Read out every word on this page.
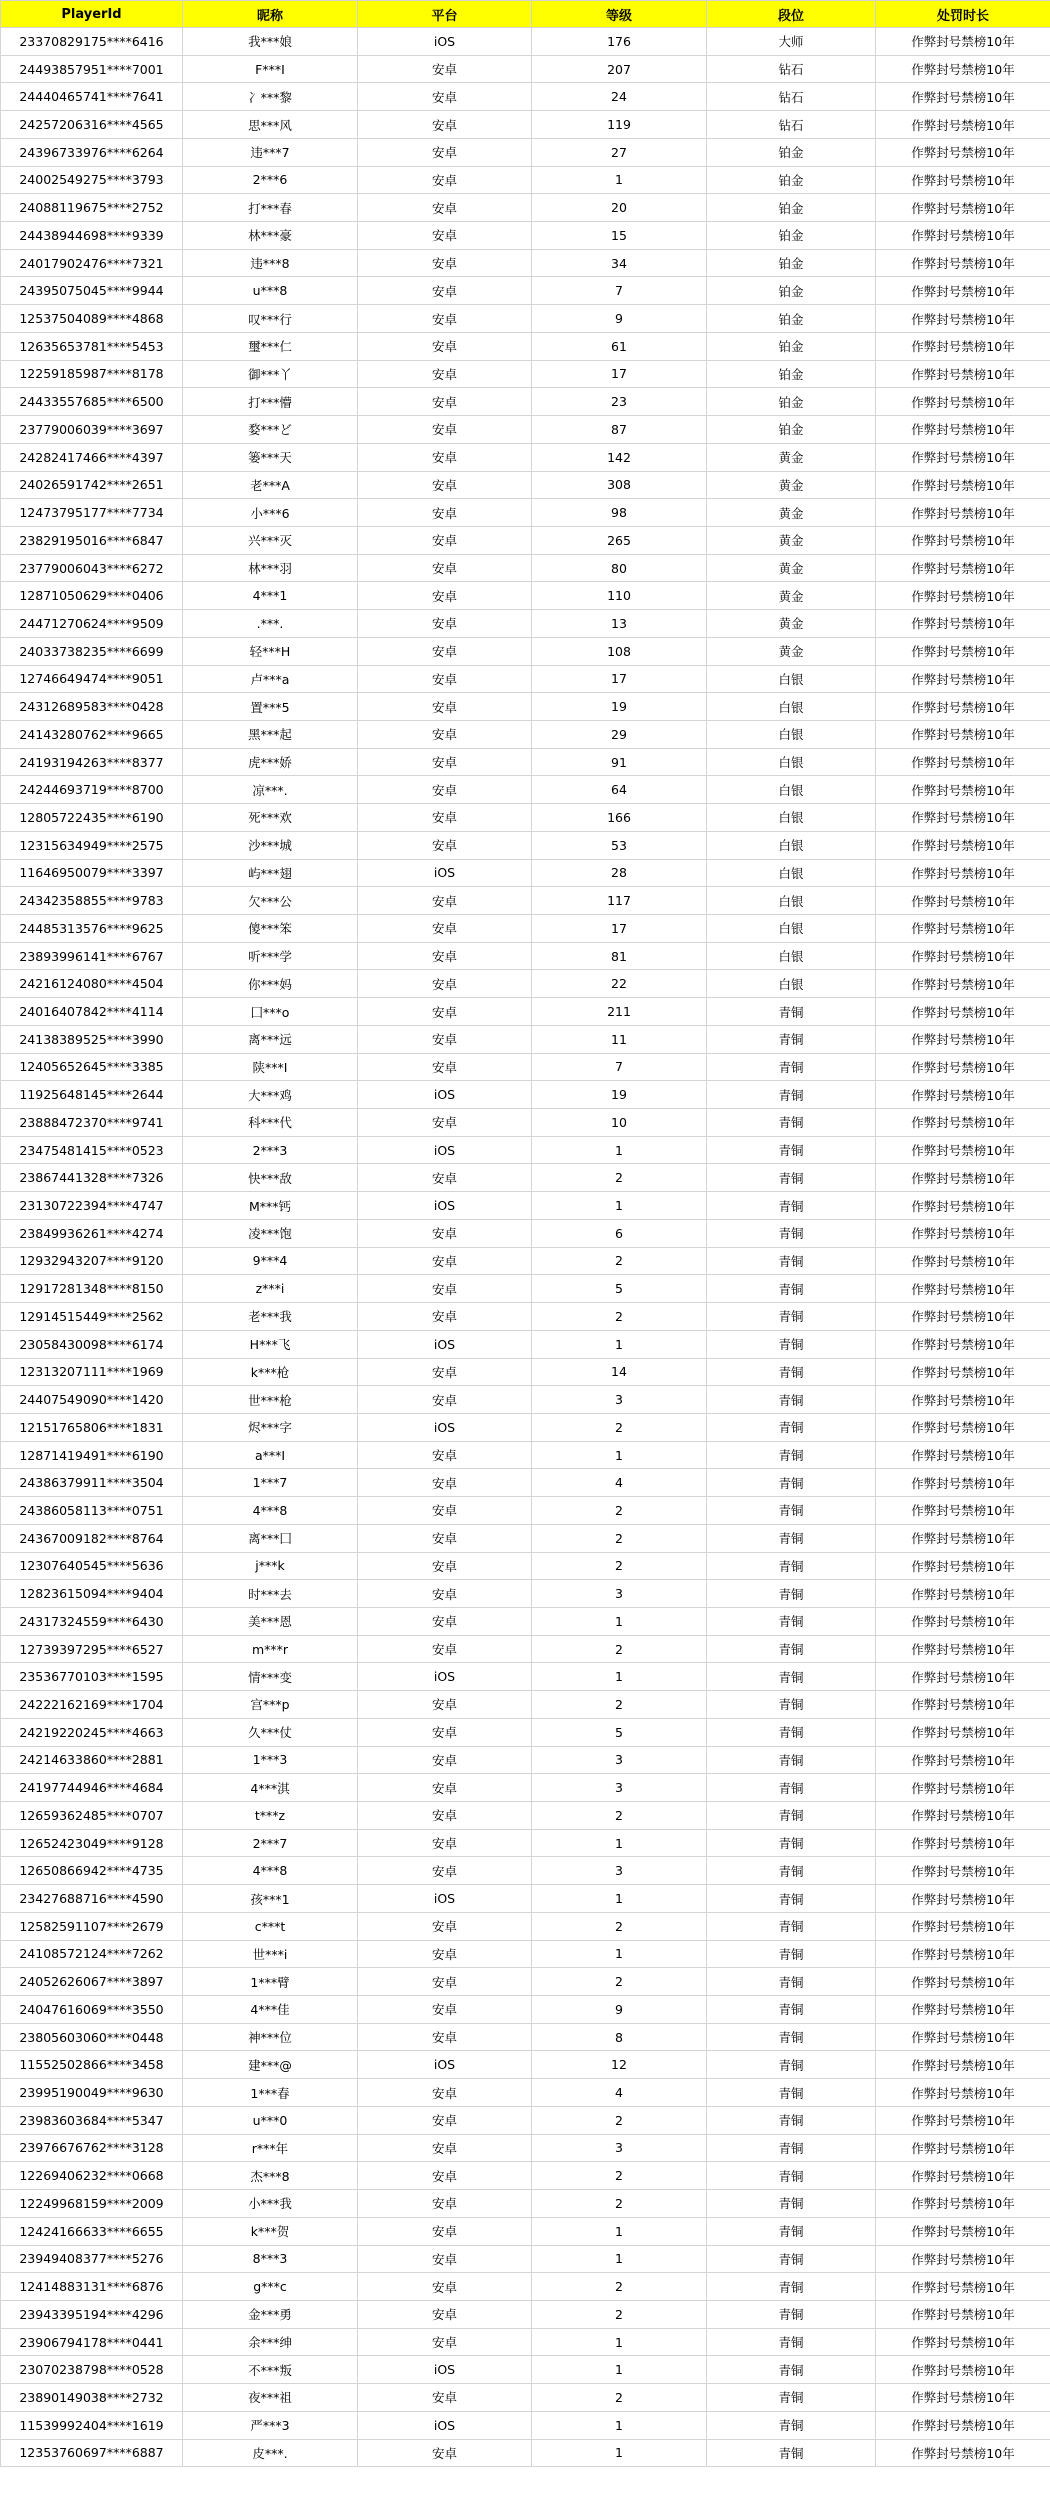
PlayerId	昵称	平台	等级	段位	处罚时长
23370829175****6416	我***娘	iOS	176	大师	作弊封号禁榜10年
24493857951****7001	F***I	安卓	207	钻石	作弊封号禁榜10年
24440465741****7641	冫***黎	安卓	24	钻石	作弊封号禁榜10年
24257206316****4565	思***风	安卓	119	钻石	作弊封号禁榜10年
24396733976****6264	违***7	安卓	27	铂金	作弊封号禁榜10年
24002549275****3793	2***6	安卓	1	铂金	作弊封号禁榜10年
24088119675****2752	打***春	安卓	20	铂金	作弊封号禁榜10年
24438944698****9339	林***豪	安卓	15	铂金	作弊封号禁榜10年
24017902476****7321	违***8	安卓	34	铂金	作弊封号禁榜10年
24395075045****9944	u***8	安卓	7	铂金	作弊封号禁榜10年
12537504089****4868	叹***行	安卓	9	铂金	作弊封号禁榜10年
12635653781****5453	璽***仁	安卓	61	铂金	作弊封号禁榜10年
12259185987****8178	御***丫	安卓	17	铂金	作弊封号禁榜10年
24433557685****6500	打***懵	安卓	23	铂金	作弊封号禁榜10年
23779006039****3697	婺***ど	安卓	87	铂金	作弊封号禁榜10年
24282417466****4397	篓***天	安卓	142	黄金	作弊封号禁榜10年
24026591742****2651	老***A	安卓	308	黄金	作弊封号禁榜10年
12473795177****7734	小***6	安卓	98	黄金	作弊封号禁榜10年
23829195016****6847	兴***灭	安卓	265	黄金	作弊封号禁榜10年
23779006043****6272	林***羽	安卓	80	黄金	作弊封号禁榜10年
12871050629****0406	4***1	安卓	110	黄金	作弊封号禁榜10年
24471270624****9509	.***.	安卓	13	黄金	作弊封号禁榜10年
24033738235****6699	轻***H	安卓	108	黄金	作弊封号禁榜10年
12746649474****9051	卢***a	安卓	17	白银	作弊封号禁榜10年
24312689583****0428	置***5	安卓	19	白银	作弊封号禁榜10年
24143280762****9665	黑***起	安卓	29	白银	作弊封号禁榜10年
24193194263****8377	虎***娇	安卓	91	白银	作弊封号禁榜10年
24244693719****8700	凉***.	安卓	64	白银	作弊封号禁榜10年
12805722435****6190	死***欢	安卓	166	白银	作弊封号禁榜10年
12315634949****2575	沙***城	安卓	53	白银	作弊封号禁榜10年
11646950079****3397	屿***翅	iOS	28	白银	作弊封号禁榜10年
24342358855****9783	欠***公	安卓	117	白银	作弊封号禁榜10年
24485313576****9625	傻***笨	安卓	17	白银	作弊封号禁榜10年
23893996141****6767	听***学	安卓	81	白银	作弊封号禁榜10年
24216124080****4504	你***妈	安卓	22	白银	作弊封号禁榜10年
24016407842****4114	囗***o	安卓	211	青铜	作弊封号禁榜10年
24138389525****3990	离***远	安卓	11	青铜	作弊封号禁榜10年
12405652645****3385	陕***I	安卓	7	青铜	作弊封号禁榜10年
11925648145****2644	大***鸡	iOS	19	青铜	作弊封号禁榜10年
23888472370****9741	科***代	安卓	10	青铜	作弊封号禁榜10年
23475481415****0523	2***3	iOS	1	青铜	作弊封号禁榜10年
23867441328****7326	快***敌	安卓	2	青铜	作弊封号禁榜10年
23130722394****4747	M***钙	iOS	1	青铜	作弊封号禁榜10年
23849936261****4274	凌***饱	安卓	6	青铜	作弊封号禁榜10年
12932943207****9120	9***4	安卓	2	青铜	作弊封号禁榜10年
12917281348****8150	z***i	安卓	5	青铜	作弊封号禁榜10年
12914515449****2562	老***我	安卓	2	青铜	作弊封号禁榜10年
23058430098****6174	H***飞	iOS	1	青铜	作弊封号禁榜10年
12313207111****1969	k***枪	安卓	14	青铜	作弊封号禁榜10年
24407549090****1420	世***枪	安卓	3	青铜	作弊封号禁榜10年
12151765806****1831	烬***字	iOS	2	青铜	作弊封号禁榜10年
12871419491****6190	a***I	安卓	1	青铜	作弊封号禁榜10年
24386379911****3504	1***7	安卓	4	青铜	作弊封号禁榜10年
24386058113****0751	4***8	安卓	2	青铜	作弊封号禁榜10年
24367009182****8764	离***囗	安卓	2	青铜	作弊封号禁榜10年
12307640545****5636	j***k	安卓	2	青铜	作弊封号禁榜10年
12823615094****9404	时***去	安卓	3	青铜	作弊封号禁榜10年
24317324559****6430	美***恩	安卓	1	青铜	作弊封号禁榜10年
12739397295****6527	m***r	安卓	2	青铜	作弊封号禁榜10年
23536770103****1595	情***变	iOS	1	青铜	作弊封号禁榜10年
24222162169****1704	宫***p	安卓	2	青铜	作弊封号禁榜10年
24219220245****4663	久***仗	安卓	5	青铜	作弊封号禁榜10年
24214633860****2881	1***3	安卓	3	青铜	作弊封号禁榜10年
24197744946****4684	4***淇	安卓	3	青铜	作弊封号禁榜10年
12659362485****0707	t***z	安卓	2	青铜	作弊封号禁榜10年
12652423049****9128	2***7	安卓	1	青铜	作弊封号禁榜10年
12650866942****4735	4***8	安卓	3	青铜	作弊封号禁榜10年
23427688716****4590	孩***1	iOS	1	青铜	作弊封号禁榜10年
12582591107****2679	c***t	安卓	2	青铜	作弊封号禁榜10年
24108572124****7262	世***i	安卓	1	青铜	作弊封号禁榜10年
24052626067****3897	1***臂	安卓	2	青铜	作弊封号禁榜10年
24047616069****3550	4***佳	安卓	9	青铜	作弊封号禁榜10年
23805603060****0448	神***位	安卓	8	青铜	作弊封号禁榜10年
11552502866****3458	建***@	iOS	12	青铜	作弊封号禁榜10年
23995190049****9630	1***春	安卓	4	青铜	作弊封号禁榜10年
23983603684****5347	u***0	安卓	2	青铜	作弊封号禁榜10年
23976676762****3128	r***年	安卓	3	青铜	作弊封号禁榜10年
12269406232****0668	杰***8	安卓	2	青铜	作弊封号禁榜10年
12249968159****2009	小***我	安卓	2	青铜	作弊封号禁榜10年
12424166633****6655	k***贺	安卓	1	青铜	作弊封号禁榜10年
23949408377****5276	8***3	安卓	1	青铜	作弊封号禁榜10年
12414883131****6876	g***c	安卓	2	青铜	作弊封号禁榜10年
23943395194****4296	金***勇	安卓	2	青铜	作弊封号禁榜10年
23906794178****0441	余***绅	安卓	1	青铜	作弊封号禁榜10年
23070238798****0528	不***叛	iOS	1	青铜	作弊封号禁榜10年
23890149038****2732	夜***祖	安卓	2	青铜	作弊封号禁榜10年
11539992404****1619	严***3	iOS	1	青铜	作弊封号禁榜10年
12353760697****6887	皮***.	安卓	1	青铜	作弊封号禁榜10年
